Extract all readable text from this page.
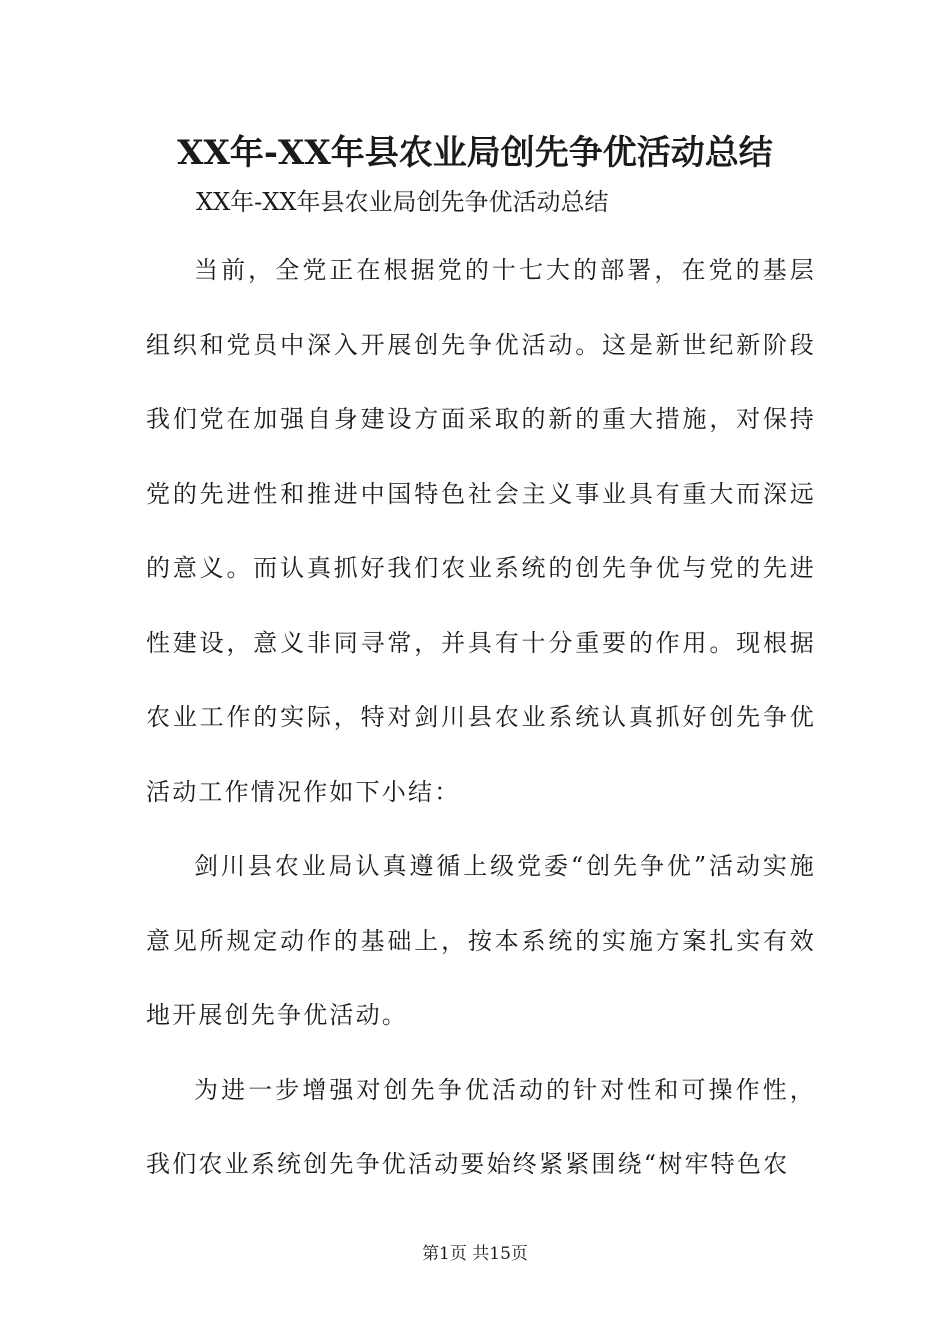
XX年-XX年县农业局创先争优活动总结
XX年-XX年县农业局创先争优活动总结

当前，全党正在根据党的十七大的部署，在党的基层组织和党员中深入开展创先争优活动。这是新世纪新阶段我们党在加强自身建设方面采取的新的重大措施，对保持党的先进性和推进中国特色社会主义事业具有重大而深远的意义。而认真抓好我们农业系统的创先争优与党的先进性建设，意义非同寻常，并具有十分重要的作用。现根据农业工作的实际，特对剑川县农业系统认真抓好创先争优活动工作情况作如下小结：

剑川县农业局认真遵循上级党委“创先争优”活动实施意见所规定动作的基础上，按本系统的实施方案扎实有效地开展创先争优活动。

为进一步增强对创先争优活动的针对性和可操作性，我们农业系统创先争优活动要始终紧紧围绕“树牢特色农

第1页 共15页
